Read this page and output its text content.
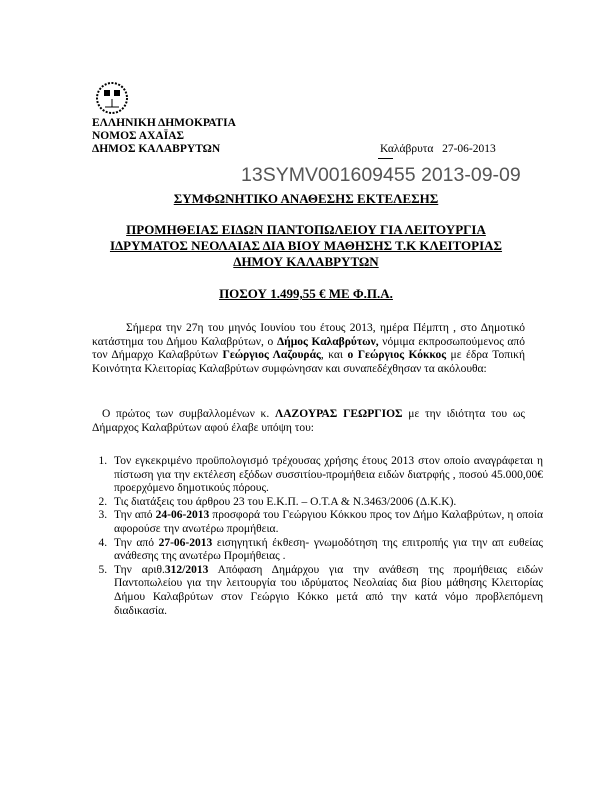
ΕΛΛΗΝΙΚΗ ΔΗΜΟΚΡΑΤΙΑ
ΝΟΜΟΣ ΑΧΑΪΑΣ
ΔΗΜΟΣ ΚΑΛΑΒΡΥΤΩΝ	Καλάβρυτα 27-06-2013
13SYMV001609455 2013-09-09
ΣΥΜΦΩΝΗΤΙΚΟ ΑΝΑΘΕΣΗΣ ΕΚΤΕΛΕΣΗΣ
ΠΡΟΜΗΘΕΙΑΣ ΕΙΔΩΝ ΠΑΝΤΟΠΩΛΕΙΟΥ ΓΙΑ ΛΕΙΤΟΥΡΓΙΑ
ΙΔΡΥΜΑΤΟΣ ΝΕΟΛΑΙΑΣ ΔΙΑ ΒΙΟΥ ΜΑΘΗΣΗΣ Τ.Κ ΚΛΕΙΤΟΡΙΑΣ
ΔΗΜΟΥ ΚΑΛΑΒΡΥΤΩΝ
ΠΟΣΟΥ 1.499,55 € ΜΕ Φ.Π.Α.
Σήμερα την 27η του μηνός Ιουνίου του έτους 2013, ημέρα Πέμπτη , στο Δημοτικό κατάστημα του Δήμου Καλαβρύτων, ο Δήμος Καλαβρύτων, νόμιμα εκπροσωπούμενος από τον Δήμαρχο Καλαβρύτων Γεώργιος Λαζουράς, και ο Γεώργιος Κόκκος με έδρα Τοπική Κοινότητα Κλειτορίας Καλαβρύτων συμφώνησαν και συναπεδέχθησαν τα ακόλουθα:
Ο πρώτος των συμβαλλομένων κ. ΛΑΖΟΥΡΑΣ ΓΕΩΡΓΙΟΣ με την ιδιότητα του ως Δήμαρχος Καλαβρύτων αφού έλαβε υπόψη του:
1. Τον εγκεκριμένο προϋπολογισμό τρέχουσας χρήσης έτους 2013 στον οποίο αναγράφεται η πίστωση για την εκτέλεση εξόδων συσσιτίου-προμήθεια ειδών διατρφής , ποσού 45.000,00€ προερχόμενο δημοτικούς πόρους.
2. Τις διατάξεις του άρθρου 23 του Ε.Κ.Π. – Ο.Τ.Α & Ν.3463/2006 (Δ.Κ.Κ).
3. Την από 24-06-2013 προσφορά του Γεώργιου Κόκκου προς τον Δήμο Καλαβρύτων, η οποία αφορούσε την ανωτέρω προμήθεια.
4. Την από 27-06-2013 εισηγητική έκθεση- γνωμοδότηση της επιτροπής για την απ ευθείας ανάθεσης της ανωτέρω Προμήθειας .
5. Την αριθ.312/2013 Απόφαση Δημάρχου για την ανάθεση της προμήθειας ειδών Παντοπωλείου για την λειτουργία του ιδρύματος Νεολαίας δια βίου μάθησης Κλειτορίας Δήμου Καλαβρύτων στον Γεώργιο Κόκκο μετά από την κατά νόμο προβλεπόμενη διαδικασία.
